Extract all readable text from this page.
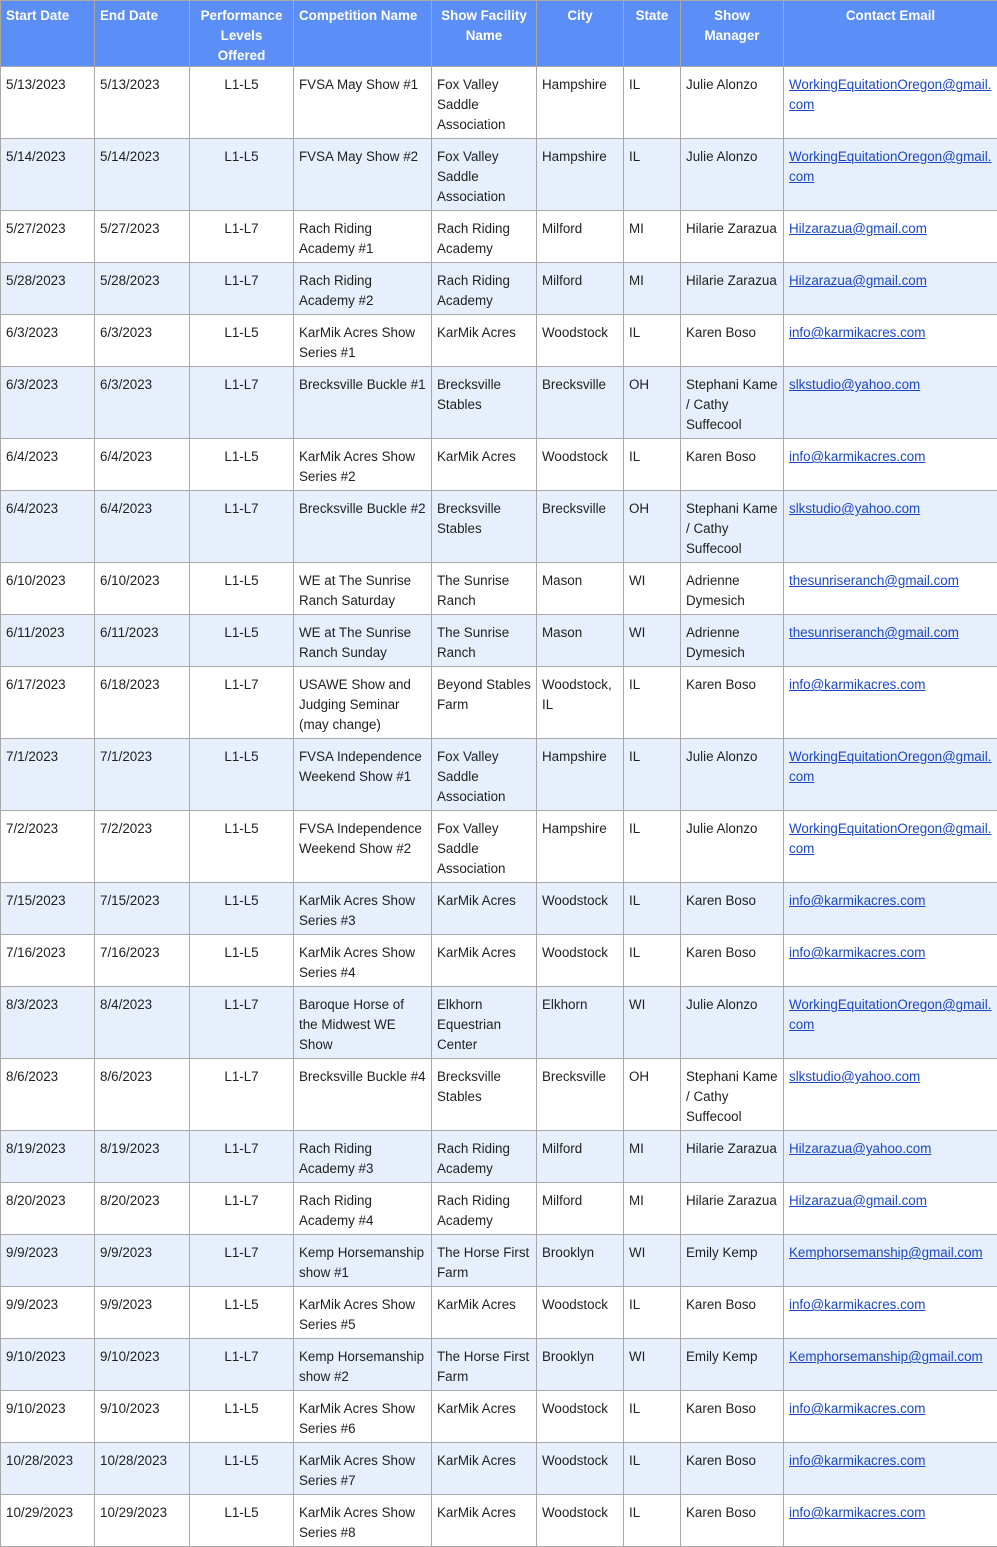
Start Date	End Date	Performance Levels Offered	Competition Name	Show Facility Name	City	State	Show Manager	Contact Email
5/13/2023	5/13/2023	L1-L5	FVSA May Show #1	Fox Valley Saddle Association	Hampshire	IL	Julie Alonzo	WorkingEquitationOregon@gmail.com
5/14/2023	5/14/2023	L1-L5	FVSA May Show #2	Fox Valley Saddle Association	Hampshire	IL	Julie Alonzo	WorkingEquitationOregon@gmail.com
5/27/2023	5/27/2023	L1-L7	Rach Riding Academy #1	Rach Riding Academy	Milford	MI	Hilarie Zarazua	Hilzarazua@gmail.com
5/28/2023	5/28/2023	L1-L7	Rach Riding Academy #2	Rach Riding Academy	Milford	MI	Hilarie Zarazua	Hilzarazua@gmail.com
6/3/2023	6/3/2023	L1-L5	KarMik Acres Show Series #1	KarMik Acres	Woodstock	IL	Karen Boso	info@karmikacres.com
6/3/2023	6/3/2023	L1-L7	Brecksville Buckle #1	Brecksville Stables	Brecksville	OH	Stephani Kame / Cathy Suffecool	slkstudio@yahoo.com
6/4/2023	6/4/2023	L1-L5	KarMik Acres Show Series #2	KarMik Acres	Woodstock	IL	Karen Boso	info@karmikacres.com
6/4/2023	6/4/2023	L1-L7	Brecksville Buckle #2	Brecksville Stables	Brecksville	OH	Stephani Kame / Cathy Suffecool	slkstudio@yahoo.com
6/10/2023	6/10/2023	L1-L5	WE at The Sunrise Ranch Saturday	The Sunrise Ranch	Mason	WI	Adrienne Dymesich	thesunriseranch@gmail.com
6/11/2023	6/11/2023	L1-L5	WE at The Sunrise Ranch Sunday	The Sunrise Ranch	Mason	WI	Adrienne Dymesich	thesunriseranch@gmail.com
6/17/2023	6/18/2023	L1-L7	USAWE Show and Judging Seminar (may change)	Beyond Stables Farm	Woodstock, IL	IL	Karen Boso	info@karmikacres.com
7/1/2023	7/1/2023	L1-L5	FVSA Independence Weekend Show #1	Fox Valley Saddle Association	Hampshire	IL	Julie Alonzo	WorkingEquitationOregon@gmail.com
7/2/2023	7/2/2023	L1-L5	FVSA Independence Weekend Show #2	Fox Valley Saddle Association	Hampshire	IL	Julie Alonzo	WorkingEquitationOregon@gmail.com
7/15/2023	7/15/2023	L1-L5	KarMik Acres Show Series #3	KarMik Acres	Woodstock	IL	Karen Boso	info@karmikacres.com
7/16/2023	7/16/2023	L1-L5	KarMik Acres Show Series #4	KarMik Acres	Woodstock	IL	Karen Boso	info@karmikacres.com
8/3/2023	8/4/2023	L1-L7	Baroque Horse of the Midwest WE Show	Elkhorn Equestrian Center	Elkhorn	WI	Julie Alonzo	WorkingEquitationOregon@gmail.com
8/6/2023	8/6/2023	L1-L7	Brecksville Buckle #4	Brecksville Stables	Brecksville	OH	Stephani Kame / Cathy Suffecool	slkstudio@yahoo.com
8/19/2023	8/19/2023	L1-L7	Rach Riding Academy #3	Rach Riding Academy	Milford	MI	Hilarie Zarazua	Hilzarazua@yahoo.com
8/20/2023	8/20/2023	L1-L7	Rach Riding Academy #4	Rach Riding Academy	Milford	MI	Hilarie Zarazua	Hilzarazua@gmail.com
9/9/2023	9/9/2023	L1-L7	Kemp Horsemanship show #1	The Horse First Farm	Brooklyn	WI	Emily Kemp	Kemphorsemanship@gmail.com
9/9/2023	9/9/2023	L1-L5	KarMik Acres Show Series #5	KarMik Acres	Woodstock	IL	Karen Boso	info@karmikacres.com
9/10/2023	9/10/2023	L1-L7	Kemp Horsemanship show #2	The Horse First Farm	Brooklyn	WI	Emily Kemp	Kemphorsemanship@gmail.com
9/10/2023	9/10/2023	L1-L5	KarMik Acres Show Series #6	KarMik Acres	Woodstock	IL	Karen Boso	info@karmikacres.com
10/28/2023	10/28/2023	L1-L5	KarMik Acres Show Series #7	KarMik Acres	Woodstock	IL	Karen Boso	info@karmikacres.com
10/29/2023	10/29/2023	L1-L5	KarMik Acres Show Series #8	KarMik Acres	Woodstock	IL	Karen Boso	info@karmikacres.com
